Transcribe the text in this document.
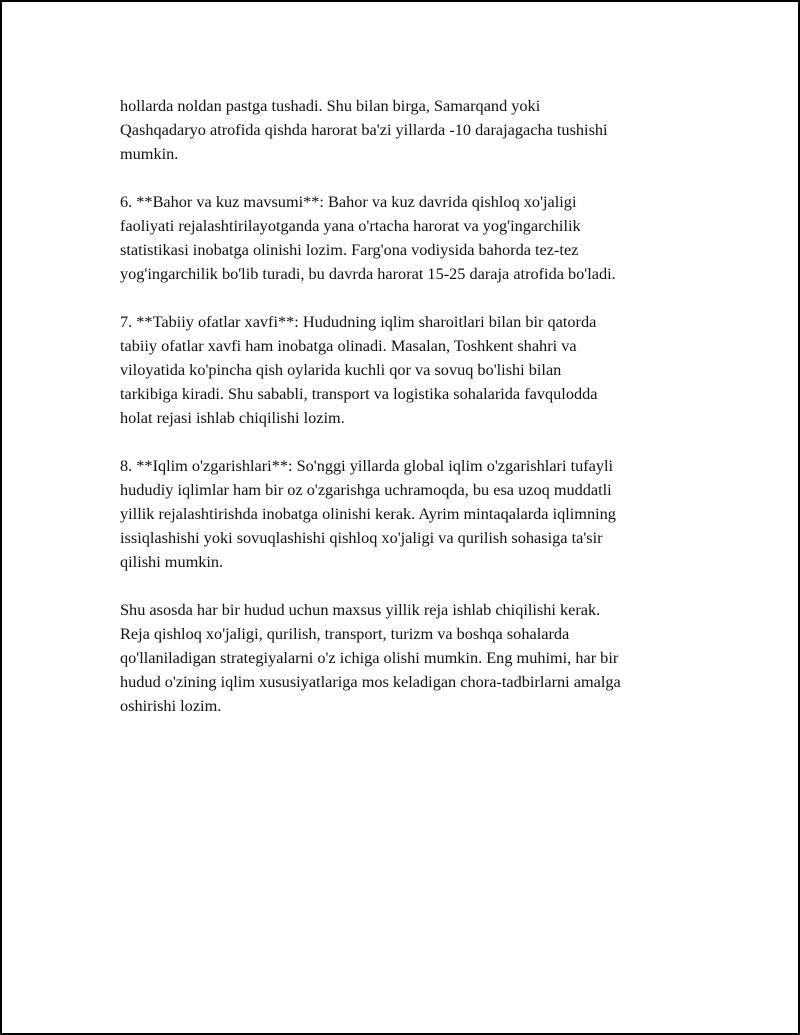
hollarda noldan pastga tushadi. Shu bilan birga, Samarqand yoki
Qashqadaryo atrofida qishda harorat ba'zi yillarda -10 darajagacha tushishi
mumkin.

6. **Bahor va kuz mavsumi**: Bahor va kuz davrida qishloq xo'jaligi
faoliyati rejalashtirilayotganda yana o'rtacha harorat va yog'ingarchilik
statistikasi inobatga olinishi lozim. Farg'ona vodiysida bahorda tez-tez
yog'ingarchilik bo'lib turadi, bu davrda harorat 15-25 daraja atrofida bo'ladi.

7. **Tabiiy ofatlar xavfi**: Hududning iqlim sharoitlari bilan bir qatorda
tabiiy ofatlar xavfi ham inobatga olinadi. Masalan, Toshkent shahri va
viloyatida ko'pincha qish oylarida kuchli qor va sovuq bo'lishi bilan
tarkibiga kiradi. Shu sababli, transport va logistika sohalarida favqulodda
holat rejasi ishlab chiqilishi lozim.

8. **Iqlim o'zgarishlari**: So'nggi yillarda global iqlim o'zgarishlari tufayli
hududiy iqlimlar ham bir oz o'zgarishga uchramoqda, bu esa uzoq muddatli
yillik rejalashtirishda inobatga olinishi kerak. Ayrim mintaqalarda iqlimning
issiqlashishi yoki sovuqlashishi qishloq xo'jaligi va qurilish sohasiga ta'sir
qilishi mumkin.

Shu asosda har bir hudud uchun maxsus yillik reja ishlab chiqilishi kerak.
Reja qishloq xo'jaligi, qurilish, transport, turizm va boshqa sohalarda
qo'llaniladigan strategiyalarni o'z ichiga olishi mumkin. Eng muhimi, har bir
hudud o'zining iqlim xususiyatlariga mos keladigan chora-tadbirlarni amalga
oshirishi lozim.
